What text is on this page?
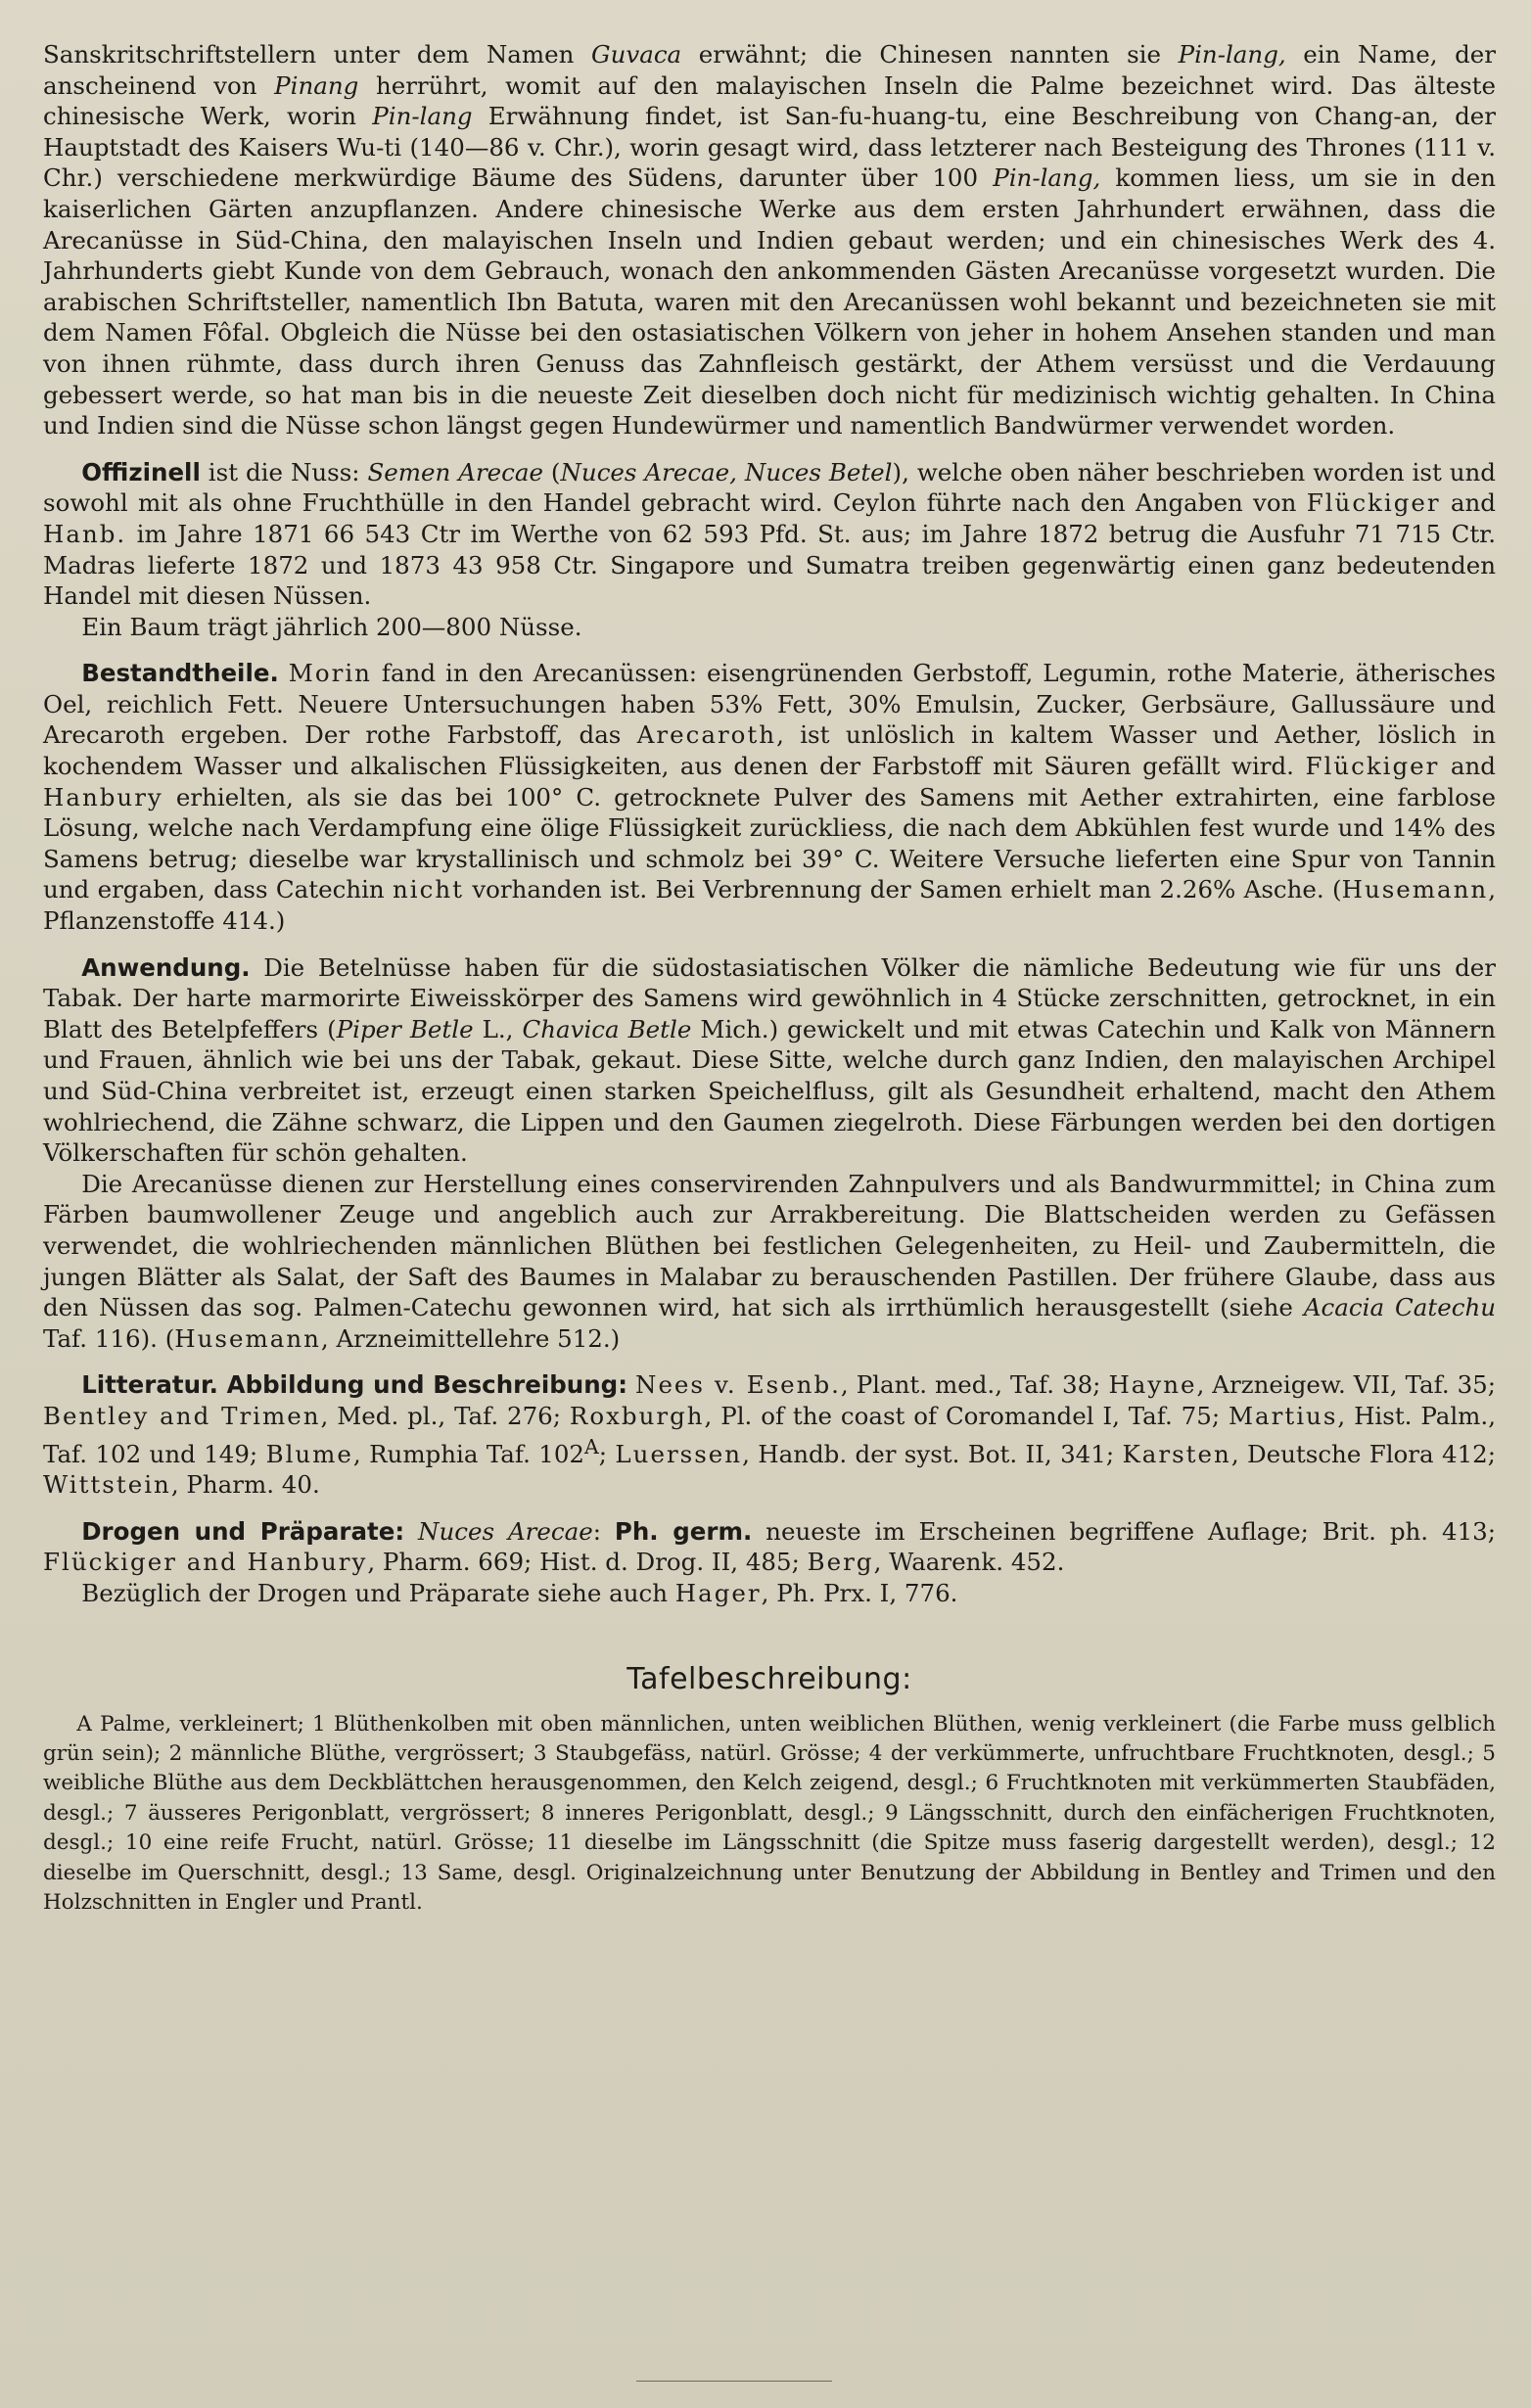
Sanskritschriftstellern unter dem Namen Guvaca erwähnt; die Chinesen nannten sie Pin-lang, ein Name, der anscheinend von Pinang herrührt, womit auf den malayischen Inseln die Palme bezeichnet wird. Das älteste chinesische Werk, worin Pin-lang Erwähnung findet, ist San-fu-huang-tu, eine Beschreibung von Chang-an, der Hauptstadt des Kaisers Wu-ti (140—86 v. Chr.), worin gesagt wird, dass letzterer nach Besteigung des Thrones (111 v. Chr.) verschiedene merkwürdige Bäume des Südens, darunter über 100 Pin-lang, kommen liess, um sie in den kaiserlichen Gärten anzupflanzen. Andere chinesische Werke aus dem ersten Jahrhundert erwähnen, dass die Arecanüsse in Süd-China, den malayischen Inseln und Indien gebaut werden; und ein chinesisches Werk des 4. Jahrhunderts giebt Kunde von dem Gebrauch, wonach den ankommenden Gästen Arecanüsse vorgesetzt wurden. Die arabischen Schriftsteller, namentlich Ibn Batuta, waren mit den Arecanüssen wohl bekannt und bezeichneten sie mit dem Namen Fôfal. Obgleich die Nüsse bei den ostasiatischen Völkern von jeher in hohem Ansehen standen und man von ihnen rühmte, dass durch ihren Genuss das Zahnfleisch gestärkt, der Athem versüsst und die Verdauung gebessert werde, so hat man bis in die neueste Zeit dieselben doch nicht für medizinisch wichtig gehalten. In China und Indien sind die Nüsse schon längst gegen Hundewürmer und namentlich Bandwürmer verwendet worden.

Offizinell ist die Nuss: Semen Arecae (Nuces Arecae, Nuces Betel), welche oben näher beschrieben worden ist und sowohl mit als ohne Fruchthülle in den Handel gebracht wird. Ceylon führte nach den Angaben von Flückiger and Hanb. im Jahre 1871 66 543 Ctr im Werthe von 62 593 Pfd. St. aus; im Jahre 1872 betrug die Ausfuhr 71 715 Ctr. Madras lieferte 1872 und 1873 43 958 Ctr. Singapore und Sumatra treiben gegenwärtig einen ganz bedeutenden Handel mit diesen Nüssen.

Ein Baum trägt jährlich 200—800 Nüsse.

Bestandtheile. Morin fand in den Arecanüssen: eisengrünenden Gerbstoff, Legumin, rothe Materie, ätherisches Oel, reichlich Fett. Neuere Untersuchungen haben 53% Fett, 30% Emulsin, Zucker, Gerbsäure, Gallussäure und Arecaroth ergeben. Der rothe Farbstoff, das Arecaroth, ist unlöslich in kaltem Wasser und Aether, löslich in kochendem Wasser und alkalischen Flüssigkeiten, aus denen der Farbstoff mit Säuren gefällt wird. Flückiger and Hanbury erhielten, als sie das bei 100° C. getrocknete Pulver des Samens mit Aether extrahirten, eine farblose Lösung, welche nach Verdampfung eine ölige Flüssigkeit zurückliess, die nach dem Abkühlen fest wurde und 14% des Samens betrug; dieselbe war krystallinisch und schmolz bei 39° C. Weitere Versuche lieferten eine Spur von Tannin und ergaben, dass Catechin nicht vorhanden ist. Bei Verbrennung der Samen erhielt man 2.26% Asche. (Husemann, Pflanzenstoffe 414.)

Anwendung. Die Betelnüsse haben für die südostasiatischen Völker die nämliche Bedeutung wie für uns der Tabak. Der harte marmorirte Eiweisskörper des Samens wird gewöhnlich in 4 Stücke zerschnitten, getrocknet, in ein Blatt des Betelpfeffers (Piper Betle L., Chavica Betle Mich.) gewickelt und mit etwas Catechin und Kalk von Männern und Frauen, ähnlich wie bei uns der Tabak, gekaut. Diese Sitte, welche durch ganz Indien, den malayischen Archipel und Süd-China verbreitet ist, erzeugt einen starken Speichelfluss, gilt als Gesundheit erhaltend, macht den Athem wohlriechend, die Zähne schwarz, die Lippen und den Gaumen ziegelroth. Diese Färbungen werden bei den dortigen Völkerschaften für schön gehalten.

Die Arecanüsse dienen zur Herstellung eines conservirenden Zahnpulvers und als Bandwurmmittel; in China zum Färben baumwollener Zeuge und angeblich auch zur Arrakbereitung. Die Blattscheiden werden zu Gefässen verwendet, die wohlriechenden männlichen Blüthen bei festlichen Gelegenheiten, zu Heil- und Zaubermitteln, die jungen Blätter als Salat, der Saft des Baumes in Malabar zu berauschenden Pastillen. Der frühere Glaube, dass aus den Nüssen das sog. Palmen-Catechu gewonnen wird, hat sich als irrthümlich herausgestellt (siehe Acacia Catechu Taf. 116). (Husemann, Arzneimittellehre 512.)

Litteratur. Abbildung und Beschreibung: Nees v. Esenb., Plant. med., Taf. 38; Hayne, Arzneigew. VII, Taf. 35; Bentley and Trimen, Med. pl., Taf. 276; Roxburgh, Pl. of the coast of Coromandel I, Taf. 75; Martius, Hist. Palm., Taf. 102 und 149; Blume, Rumphia Taf. $102^A$; Luerssen, Handb. der syst. Bot. II, 341; Karsten, Deutsche Flora 412; Wittstein, Pharm. 40.

Drogen und Präparate: Nuces Arecae: Ph. germ. neueste im Erscheinen begriffene Auflage; Brit. ph. 413; Flückiger and Hanbury, Pharm. 669; Hist. d. Drog. II, 485; Berg, Waarenk. 452.

Bezüglich der Drogen und Präparate siehe auch Hager, Ph. Prx. I, 776.

Tafelbeschreibung:

A Palme, verkleinert; 1 Blüthenkolben mit oben männlichen, unten weiblichen Blüthen, wenig verkleinert (die Farbe muss gelblich grün sein); 2 männliche Blüthe, vergrössert; 3 Staubgefäss, natürl. Grösse; 4 der verkümmerte, unfruchtbare Fruchtknoten, desgl.; 5 weibliche Blüthe aus dem Deckblättchen herausgenommen, den Kelch zeigend, desgl.; 6 Fruchtknoten mit verkümmerten Staubfäden, desgl.; 7 äusseres Perigonblatt, vergrössert; 8 inneres Perigonblatt, desgl.; 9 Längsschnitt, durch den einfächerigen Fruchtknoten, desgl.; 10 eine reife Frucht, natürl. Grösse; 11 dieselbe im Längsschnitt (die Spitze muss faserig dargestellt werden), desgl.; 12 dieselbe im Querschnitt, desgl.; 13 Same, desgl. Originalzeichnung unter Benutzung der Abbildung in Bentley and Trimen und den Holzschnitten in Engler und Prantl.
